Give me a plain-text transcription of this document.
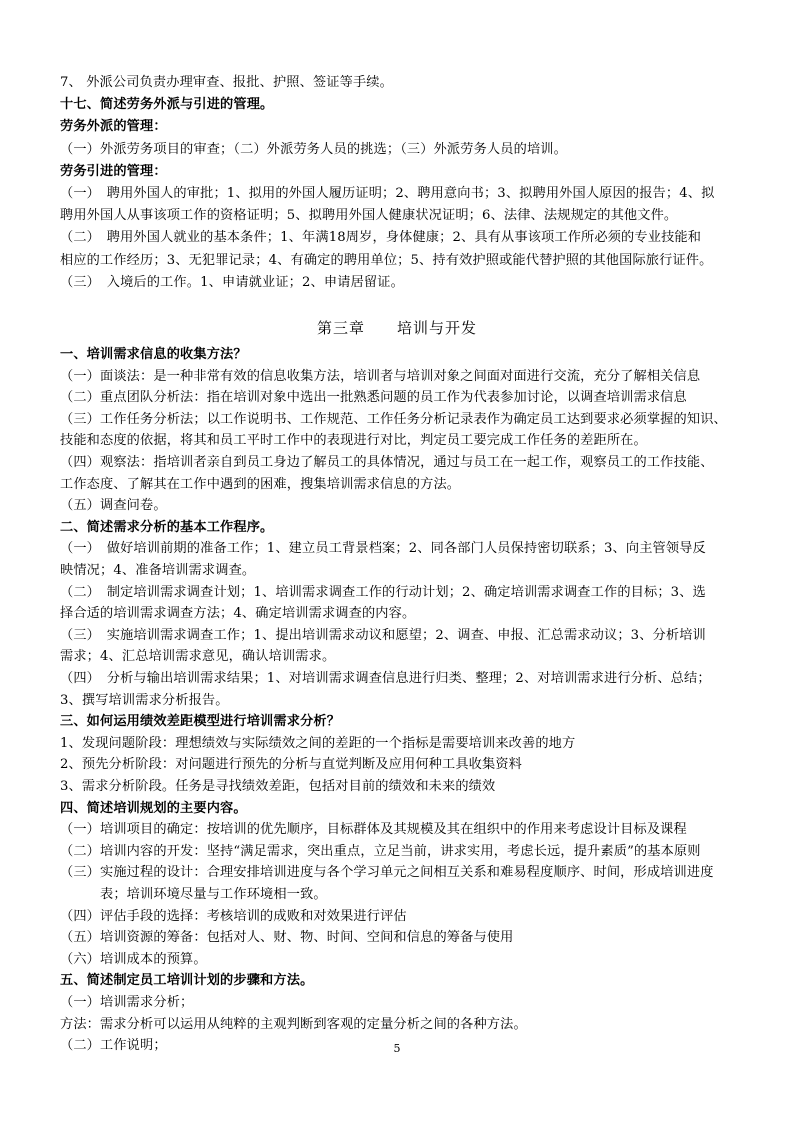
7、 外派公司负责办理审查、报批、护照、签证等手续。
十七、简述劳务外派与引进的管理。
劳务外派的管理：
（一）外派劳务项目的审查；（二）外派劳务人员的挑选；（三）外派劳务人员的培训。
劳务引进的管理：
（一）　聘用外国人的审批；1、拟用的外国人履历证明；2、聘用意向书；3、拟聘用外国人原因的报告；4、拟
聘用外国人从事该项工作的资格证明；5、拟聘用外国人健康状况证明；6、法律、法规规定的其他文件。
（二）　聘用外国人就业的基本条件；1、年满18周岁，身体健康；2、具有从事该项工作所必须的专业技能和
相应的工作经历；3、无犯罪记录；4、有确定的聘用单位；5、持有效护照或能代替护照的其他国际旅行证件。
（三）　入境后的工作。1、申请就业证；2、申请居留证。
第三章　　培训与开发
一、培训需求信息的收集方法？
（一）面谈法：是一种非常有效的信息收集方法，培训者与培训对象之间面对面进行交流，充分了解相关信息
（二）重点团队分析法：指在培训对象中选出一批熟悉问题的员工作为代表参加讨论，以调查培训需求信息
（三）工作任务分析法；以工作说明书、工作规范、工作任务分析记录表作为确定员工达到要求必须掌握的知识、
技能和态度的依据，将其和员工平时工作中的表现进行对比，判定员工要完成工作任务的差距所在。
（四）观察法：指培训者亲自到员工身边了解员工的具体情况，通过与员工在一起工作，观察员工的工作技能、
工作态度、了解其在工作中遇到的困难，搜集培训需求信息的方法。
（五）调查问卷。
二、简述需求分析的基本工作程序。
（一）　做好培训前期的准备工作；1、建立员工背景档案；2、同各部门人员保持密切联系；3、向主管领导反
映情况；4、准备培训需求调查。
（二）　制定培训需求调查计划；1、培训需求调查工作的行动计划；2、确定培训需求调查工作的目标；3、选
择合适的培训需求调查方法；4、确定培训需求调查的内容。
（三）　实施培训需求调查工作；1、提出培训需求动议和愿望；2、调查、申报、汇总需求动议；3、分析培训
需求；4、汇总培训需求意见，确认培训需求。
（四）　分析与输出培训需求结果；1、对培训需求调查信息进行归类、整理；2、对培训需求进行分析、总结；
3、撰写培训需求分析报告。
三、如何运用绩效差距模型进行培训需求分析？
1、发现问题阶段：理想绩效与实际绩效之间的差距的一个指标是需要培训来改善的地方
2、预先分析阶段：对问题进行预先的分析与直觉判断及应用何种工具收集资料
3、需求分析阶段。任务是寻找绩效差距，包括对目前的绩效和未来的绩效
四、简述培训规划的主要内容。
（一）培训项目的确定：按培训的优先顺序，目标群体及其规模及其在组织中的作用来考虑设计目标及课程
（二）培训内容的开发：坚持“满足需求，突出重点，立足当前，讲求实用，考虑长远，提升素质”的基本原则
（三）实施过程的设计：合理安排培训进度与各个学习单元之间相互关系和难易程度顺序、时间，形成培训进度
　　　表；培训环境尽量与工作环境相一致。
（四）评估手段的选择：考核培训的成败和对效果进行评估
（五）培训资源的筹备：包括对人、财、物、时间、空间和信息的筹备与使用
（六）培训成本的预算。
五、简述制定员工培训计划的步骤和方法。
（一）培训需求分析；
方法：需求分析可以运用从纯粹的主观判断到客观的定量分析之间的各种方法。
（二）工作说明；	5
